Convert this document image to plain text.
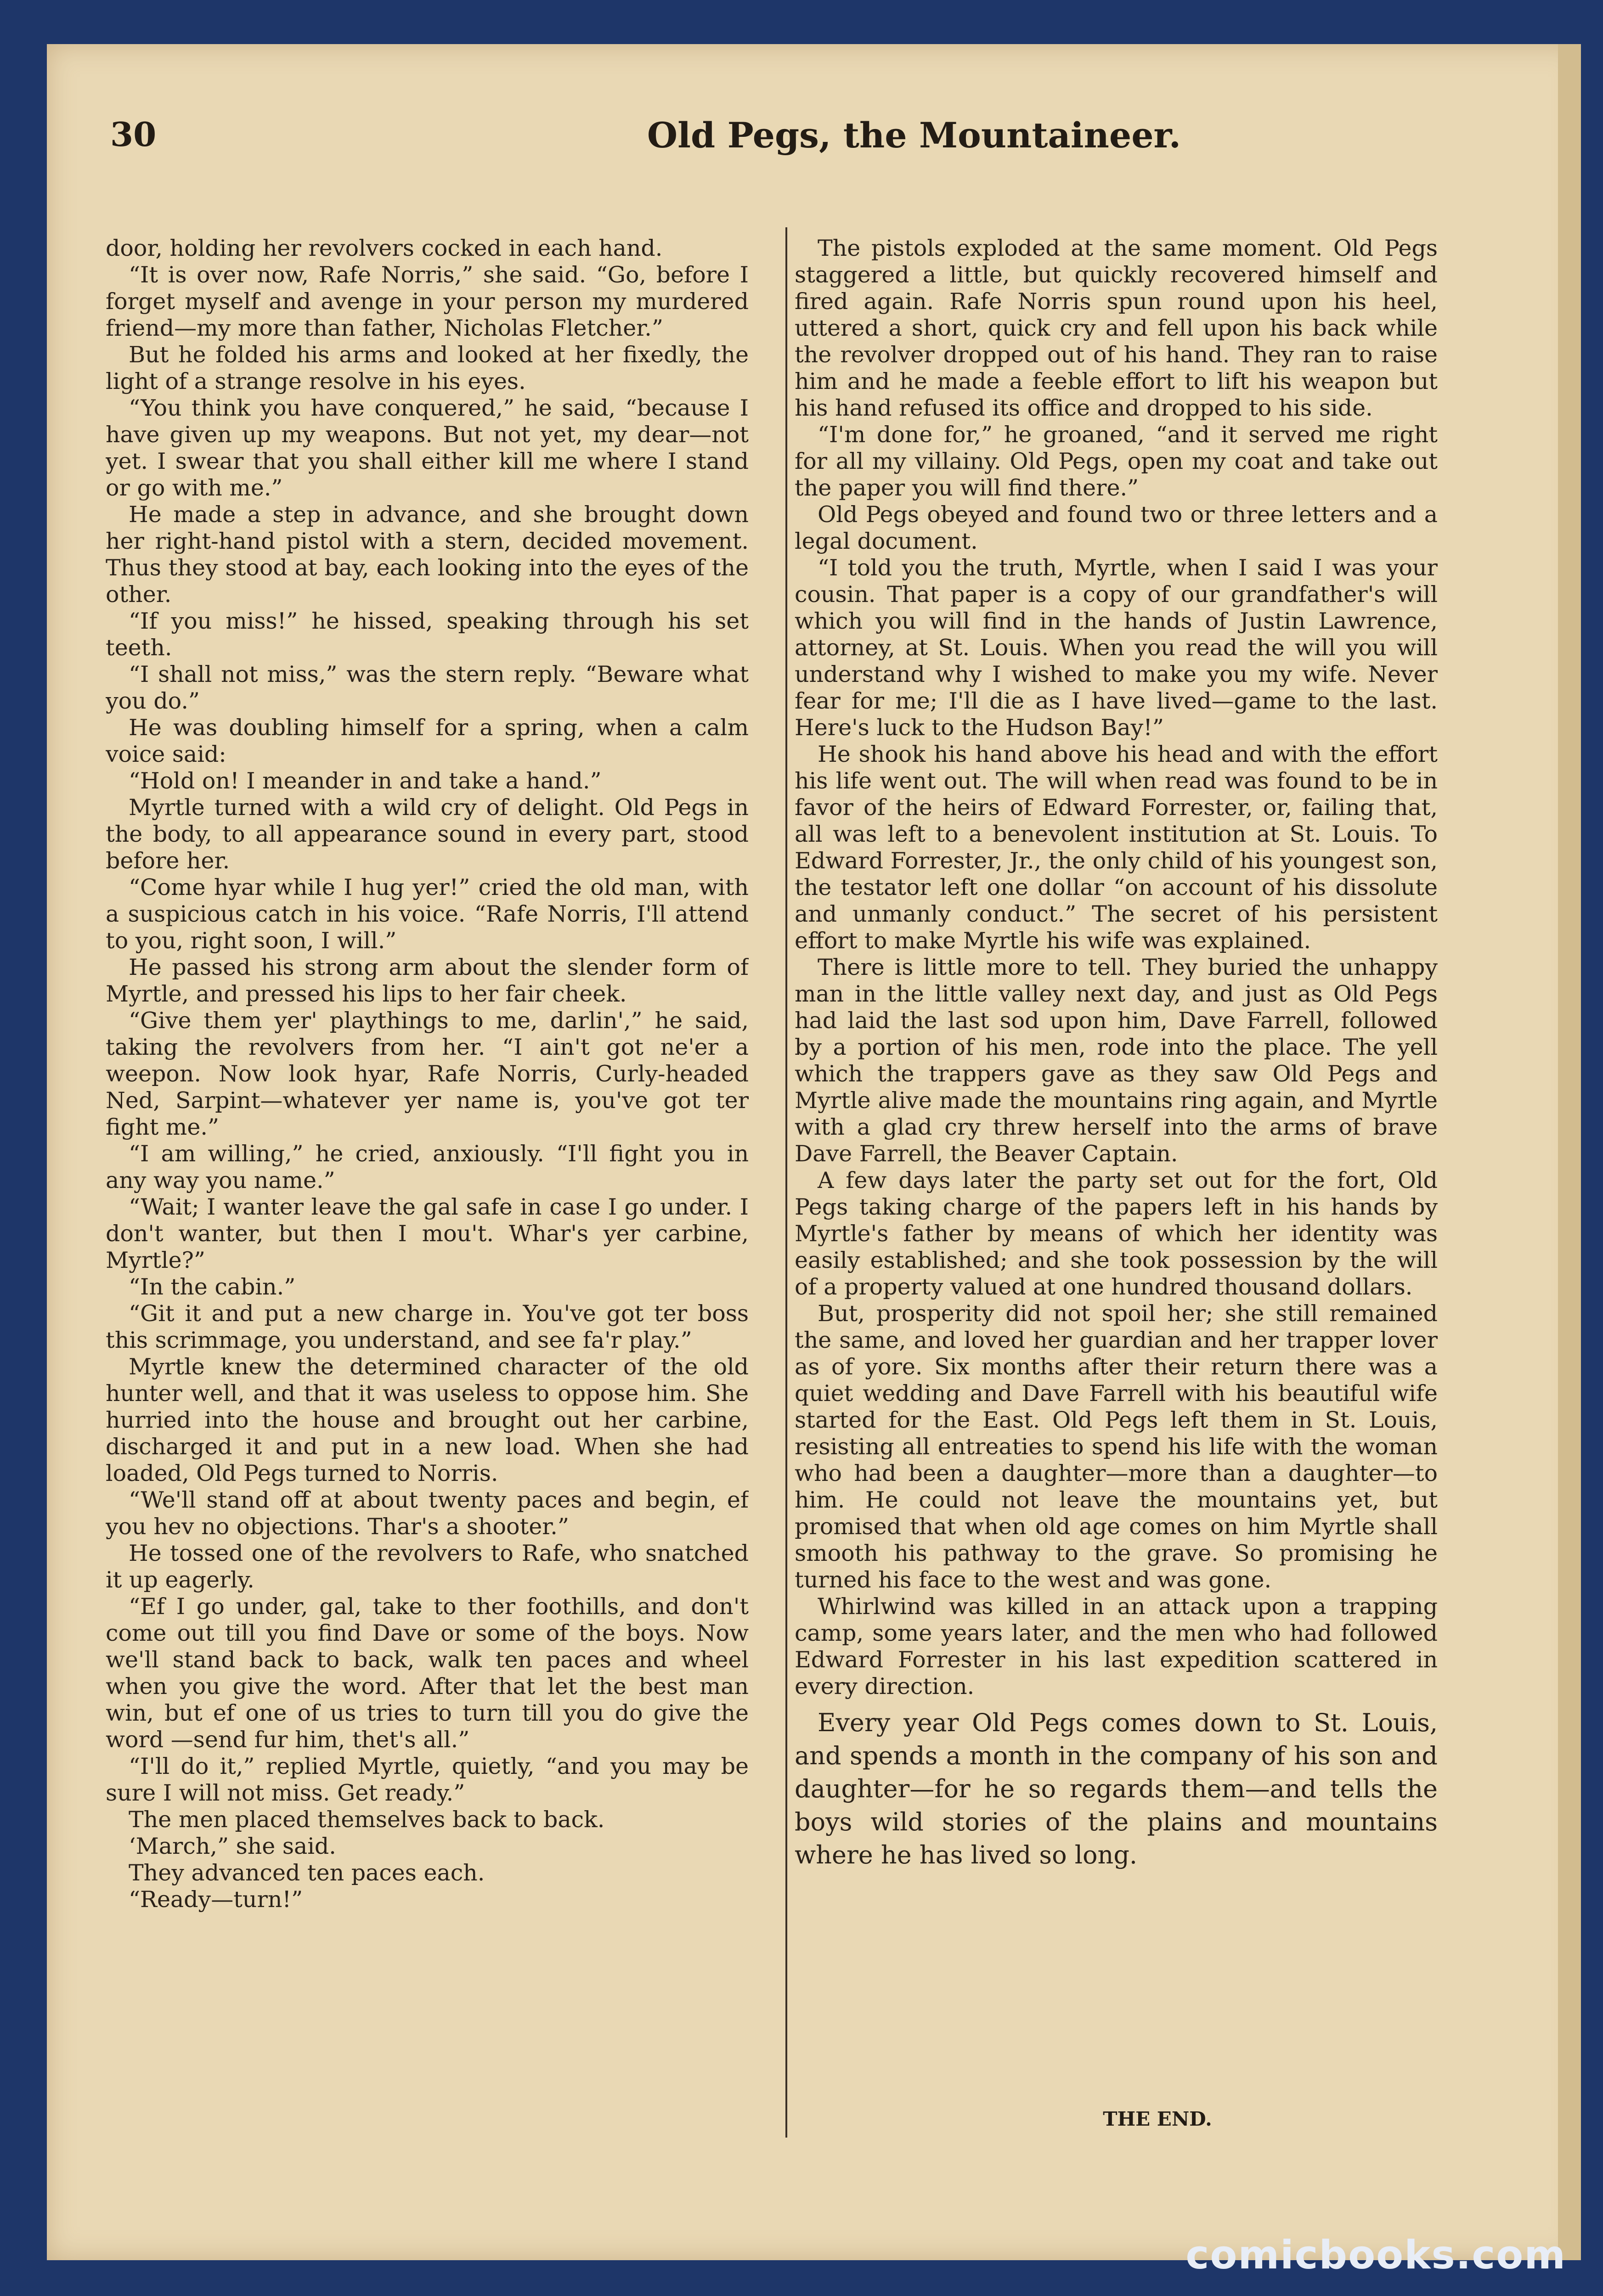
30	Old Pegs, the Mountaineer.

door, holding her revolvers cocked in each hand.

“It is over now, Rafe Norris,” she said. “Go, before I forget myself and avenge in your person my murdered friend—my more than father, Nicholas Fletcher.”

But he folded his arms and looked at her fixedly, the light of a strange resolve in his eyes.

“You think you have conquered,” he said, “because I have given up my weapons. But not yet, my dear—not yet. I swear that you shall either kill me where I stand or go with me.”

He made a step in advance, and she brought down her right-hand pistol with a stern, decided movement. Thus they stood at bay, each looking into the eyes of the other.

“If you miss!” he hissed, speaking through his set teeth.

“I shall not miss,” was the stern reply. “Beware what you do.”

He was doubling himself for a spring, when a calm voice said:

“Hold on! I meander in and take a hand.”

Myrtle turned with a wild cry of delight. Old Pegs in the body, to all appearance sound in every part, stood before her.

“Come hyar while I hug yer!” cried the old man, with a suspicious catch in his voice. “Rafe Norris, I'll attend to you, right soon, I will.”

He passed his strong arm about the slender form of Myrtle, and pressed his lips to her fair cheek.

“Give them yer' playthings to me, darlin',” he said, taking the revolvers from her. “I ain't got ne'er a weepon. Now look hyar, Rafe Norris, Curly-headed Ned, Sarpint—whatever yer name is, you've got ter fight me.”

“I am willing,” he cried, anxiously. “I'll fight you in any way you name.”

“Wait; I wanter leave the gal safe in case I go under. I don't wanter, but then I mou't. Whar's yer carbine, Myrtle?”

“In the cabin.”

“Git it and put a new charge in. You've got ter boss this scrimmage, you understand, and see fa'r play.”

Myrtle knew the determined character of the old hunter well, and that it was useless to oppose him. She hurried into the house and brought out her carbine, discharged it and put in a new load. When she had loaded, Old Pegs turned to Norris.

“We'll stand off at about twenty paces and begin, ef you hev no objections. Thar's a shooter.”

He tossed one of the revolvers to Rafe, who snatched it up eagerly.

“Ef I go under, gal, take to ther foothills, and don't come out till you find Dave or some of the boys. Now we'll stand back to back, walk ten paces and wheel when you give the word. After that let the best man win, but ef one of us tries to turn till you do give the word —send fur him, thet's all.”

“I'll do it,” replied Myrtle, quietly, “and you may be sure I will not miss. Get ready.”

The men placed themselves back to back.

‘March,” she said.

They advanced ten paces each.

“Ready—turn!”

The pistols exploded at the same moment. Old Pegs staggered a little, but quickly recovered himself and fired again. Rafe Norris spun round upon his heel, uttered a short, quick cry and fell upon his back while the revolver dropped out of his hand. They ran to raise him and he made a feeble effort to lift his weapon but his hand refused its office and dropped to his side.

“I'm done for,” he groaned, “and it served me right for all my villainy. Old Pegs, open my coat and take out the paper you will find there.”

Old Pegs obeyed and found two or three letters and a legal document.

“I told you the truth, Myrtle, when I said I was your cousin. That paper is a copy of our grandfather's will which you will find in the hands of Justin Lawrence, attorney, at St. Louis. When you read the will you will understand why I wished to make you my wife. Never fear for me; I'll die as I have lived—game to the last. Here's luck to the Hudson Bay!”

He shook his hand above his head and with the effort his life went out. The will when read was found to be in favor of the heirs of Edward Forrester, or, failing that, all was left to a benevolent institution at St. Louis. To Edward Forrester, Jr., the only child of his youngest son, the testator left one dollar “on account of his dissolute and unmanly conduct.” The secret of his persistent effort to make Myrtle his wife was explained.

There is little more to tell. They buried the unhappy man in the little valley next day, and just as Old Pegs had laid the last sod upon him, Dave Farrell, followed by a portion of his men, rode into the place. The yell which the trappers gave as they saw Old Pegs and Myrtle alive made the mountains ring again, and Myrtle with a glad cry threw herself into the arms of brave Dave Farrell, the Beaver Captain.

A few days later the party set out for the fort, Old Pegs taking charge of the papers left in his hands by Myrtle's father by means of which her identity was easily established; and she took possession by the will of a property valued at one hundred thousand dollars.

But, prosperity did not spoil her; she still remained the same, and loved her guardian and her trapper lover as of yore. Six months after their return there was a quiet wedding and Dave Farrell with his beautiful wife started for the East. Old Pegs left them in St. Louis, resisting all entreaties to spend his life with the woman who had been a daughter—more than a daughter—to him. He could not leave the mountains yet, but promised that when old age comes on him Myrtle shall smooth his pathway to the grave. So promising he turned his face to the west and was gone.

Whirlwind was killed in an attack upon a trapping camp, some years later, and the men who had followed Edward Forrester in his last expedition scattered in every direction.

Every year Old Pegs comes down to St. Louis, and spends a month in the company of his son and daughter—for he so regards them—and tells the boys wild stories of the plains and mountains where he has lived so long.

THE END.
comicbooks.com
